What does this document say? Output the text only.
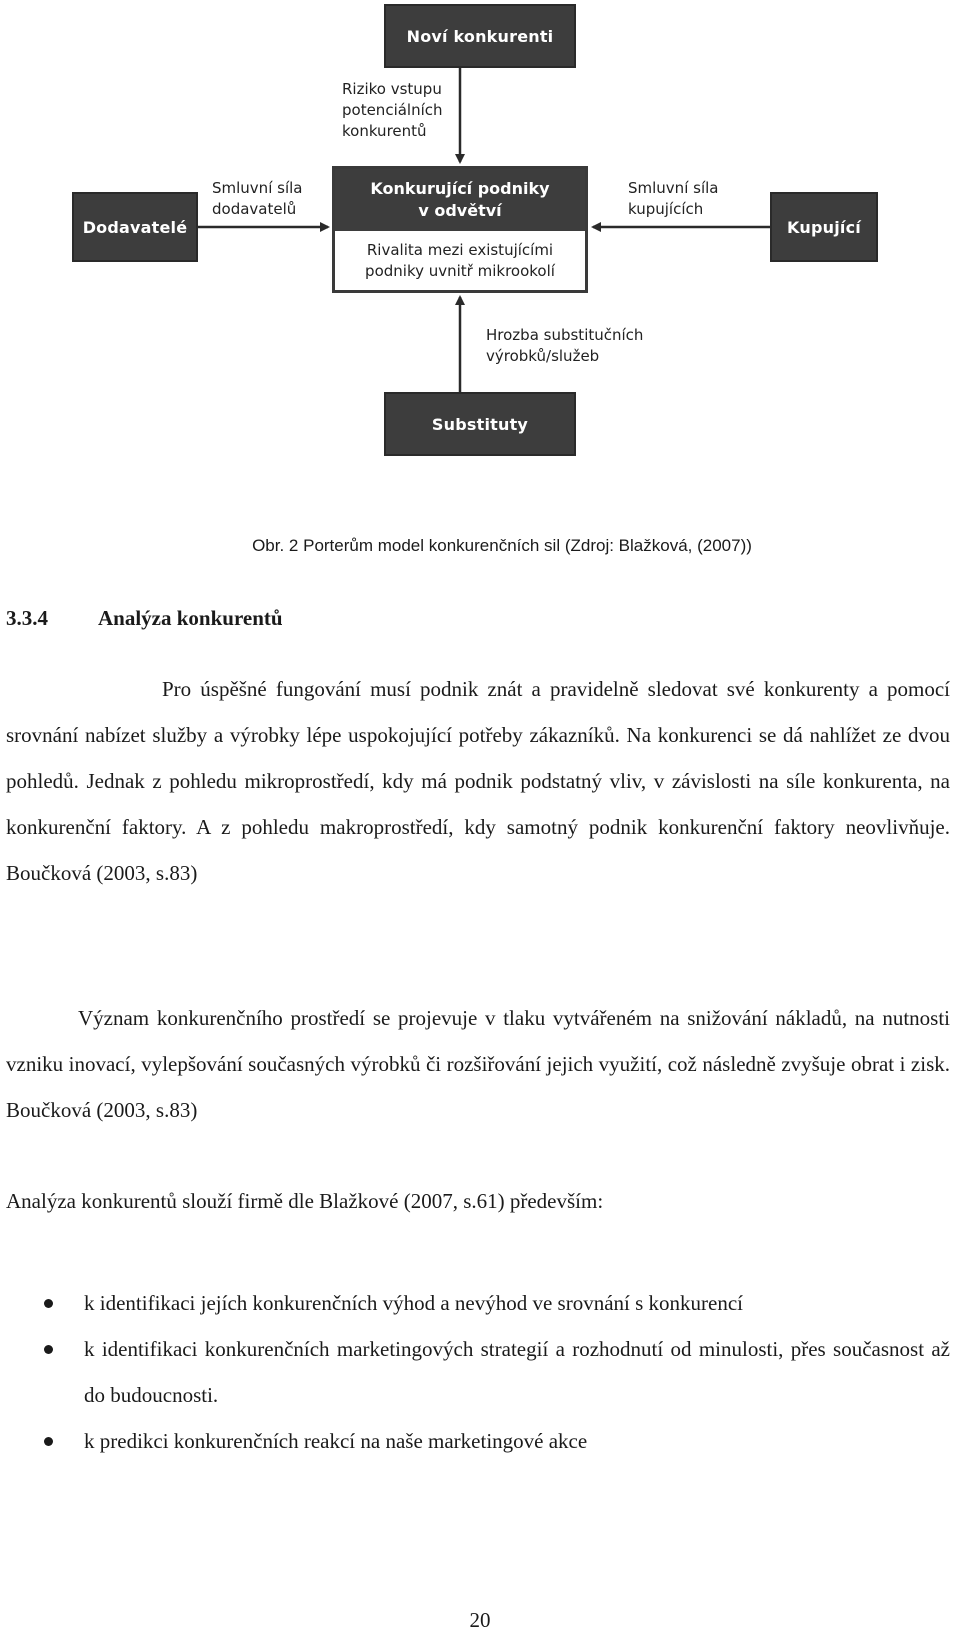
Noví konkurenti
Riziko vstupu
potenciálních
konkurentů
Dodavatelé
Smluvní síla
dodavatelů
Konkurující podniky
v odvětví
Rivalita mezi existujícími
podniky uvnitř mikrookolí
Smluvní síla
kupujících
Kupující
Hrozba substitučních
výrobků/služeb
Substituty
Obr. 2 Porterům model konkurenčních sil (Zdroj: Blažková, (2007))
3.3.4 Analýza konkurentů

Pro úspěšné fungování musí podnik znát a pravidelně sledovat své konkurenty a pomocí srovnání nabízet služby a výrobky lépe uspokojující potřeby zákazníků. Na konkurenci se dá nahlížet ze dvou pohledů. Jednak z pohledu mikroprostředí, kdy má podnik podstatný vliv, v závislosti na síle konkurenta, na konkurenční faktory. A z pohledu makroprostředí, kdy samotný podnik konkurenční faktory neovlivňuje. Boučková (2003, s.83)

Význam konkurenčního prostředí se projevuje v tlaku vytvářeném na snižování nákladů, na nutnosti vzniku inovací, vylepšování současných výrobků či rozšiřování jejich využití, což následně zvyšuje obrat i zisk. Boučková (2003, s.83)

Analýza konkurentů slouží firmě dle Blažkové (2007, s.61) především:

k identifikaci jejích konkurenčních výhod a nevýhod ve srovnání s konkurencí
k identifikaci konkurenčních marketingových strategií a rozhodnutí od minulosti, přes současnost až do budoucnosti.
k predikci konkurenčních reakcí na naše marketingové akce
20
